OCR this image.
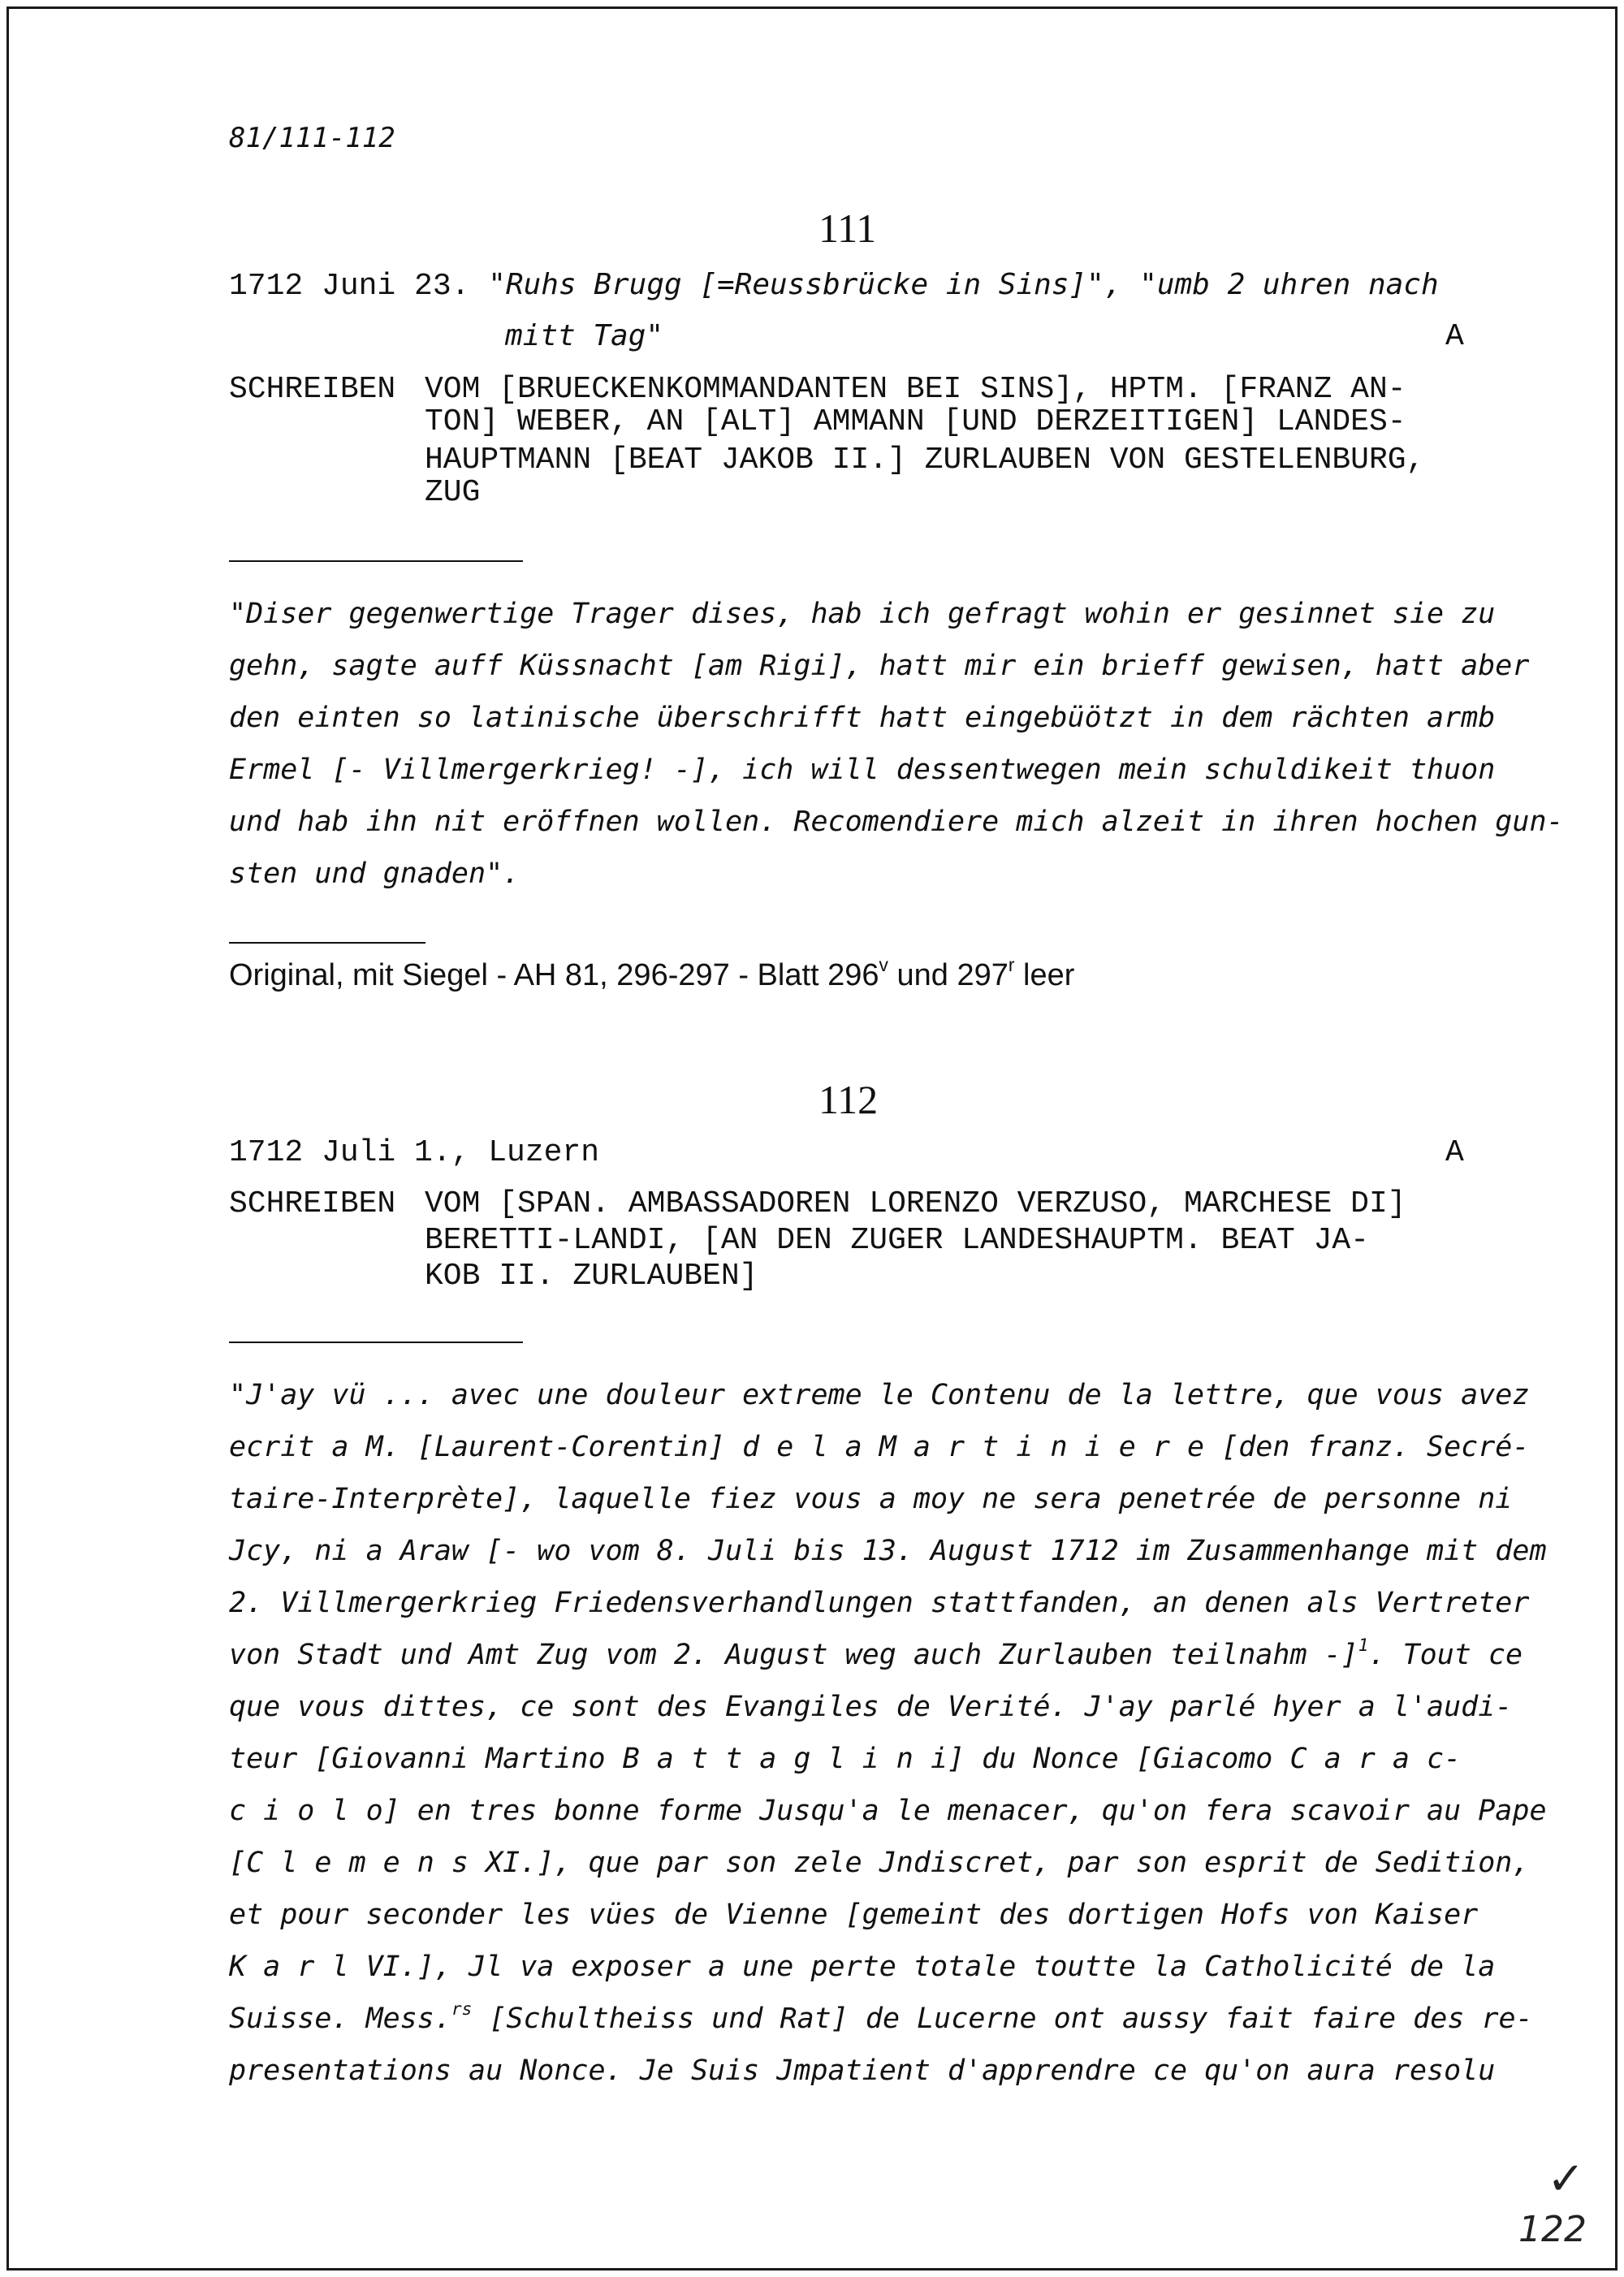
81/111-112
111
1712 Juni 23. "Ruhs Brugg [=Reussbrücke in Sins]", "umb 2 uhren nach
mitt Tag"	A
SCHREIBEN VOM [BRUECKENKOMMANDANTEN BEI SINS], HPTM. [FRANZ AN-
TON] WEBER, AN [ALT] AMMANN [UND DERZEITIGEN] LANDES-
HAUPTMANN [BEAT JAKOB II.] ZURLAUBEN VON GESTELENBURG,
ZUG
"Diser gegenwertige Trager dises, hab ich gefragt wohin er gesinnet sie zu
gehn, sagte auff Küssnacht [am Rigi], hatt mir ein brieff gewisen, hatt aber
den einten so latinische überschrifft hatt eingebüötzt in dem rächten armb
Ermel [- Villmergerkrieg! -], ich will dessentwegen mein schuldikeit thuon
und hab ihn nit eröffnen wollen. Recomendiere mich alzeit in ihren hochen gun-
sten und gnaden".
Original, mit Siegel - AH 81, 296-297 - Blatt 296$^v$ und 297$^r$ leer
112
1712 Juli 1., Luzern	A
SCHREIBEN VOM [SPAN. AMBASSADOREN LORENZO VERZUSO, MARCHESE DI]
BERETTI-LANDI, [AN DEN ZUGER LANDESHAUPTM. BEAT JA-
KOB II. ZURLAUBEN]
"J'ay vü ... avec une douleur extreme le Contenu de la lettre, que vous avez
ecrit a M. [Laurent-Corentin] d e l a M a r t i n i e r e [den franz. Secré-
taire-Interprète], laquelle fiez vous a moy ne sera penetrée de personne ni
Jcy, ni a Araw [- wo vom 8. Juli bis 13. August 1712 im Zusammenhange mit dem
2. Villmergerkrieg Friedensverhandlungen stattfanden, an denen als Vertreter
von Stadt und Amt Zug vom 2. August weg auch Zurlauben teilnahm -]$^1$. Tout ce
que vous dittes, ce sont des Evangiles de Verité. J'ay parlé hyer a l'audi-
teur [Giovanni Martino B a t t a g l i n i] du Nonce [Giacomo C a r a c-
c i o l o] en tres bonne forme Jusqu'a le menacer, qu'on fera scavoir au Pape
[C l e m e n s XI.], que par son zele Jndiscret, par son esprit de Sedition,
et pour seconder les vües de Vienne [gemeint des dortigen Hofs von Kaiser
K a r l VI.], Jl va exposer a une perte totale toutte la Catholicité de la
Suisse. Mess.$^{rs}$ [Schultheiss und Rat] de Lucerne ont aussy fait faire des re-
presentations au Nonce. Je Suis Jmpatient d'apprendre ce qu'on aura resolu
✓
122
